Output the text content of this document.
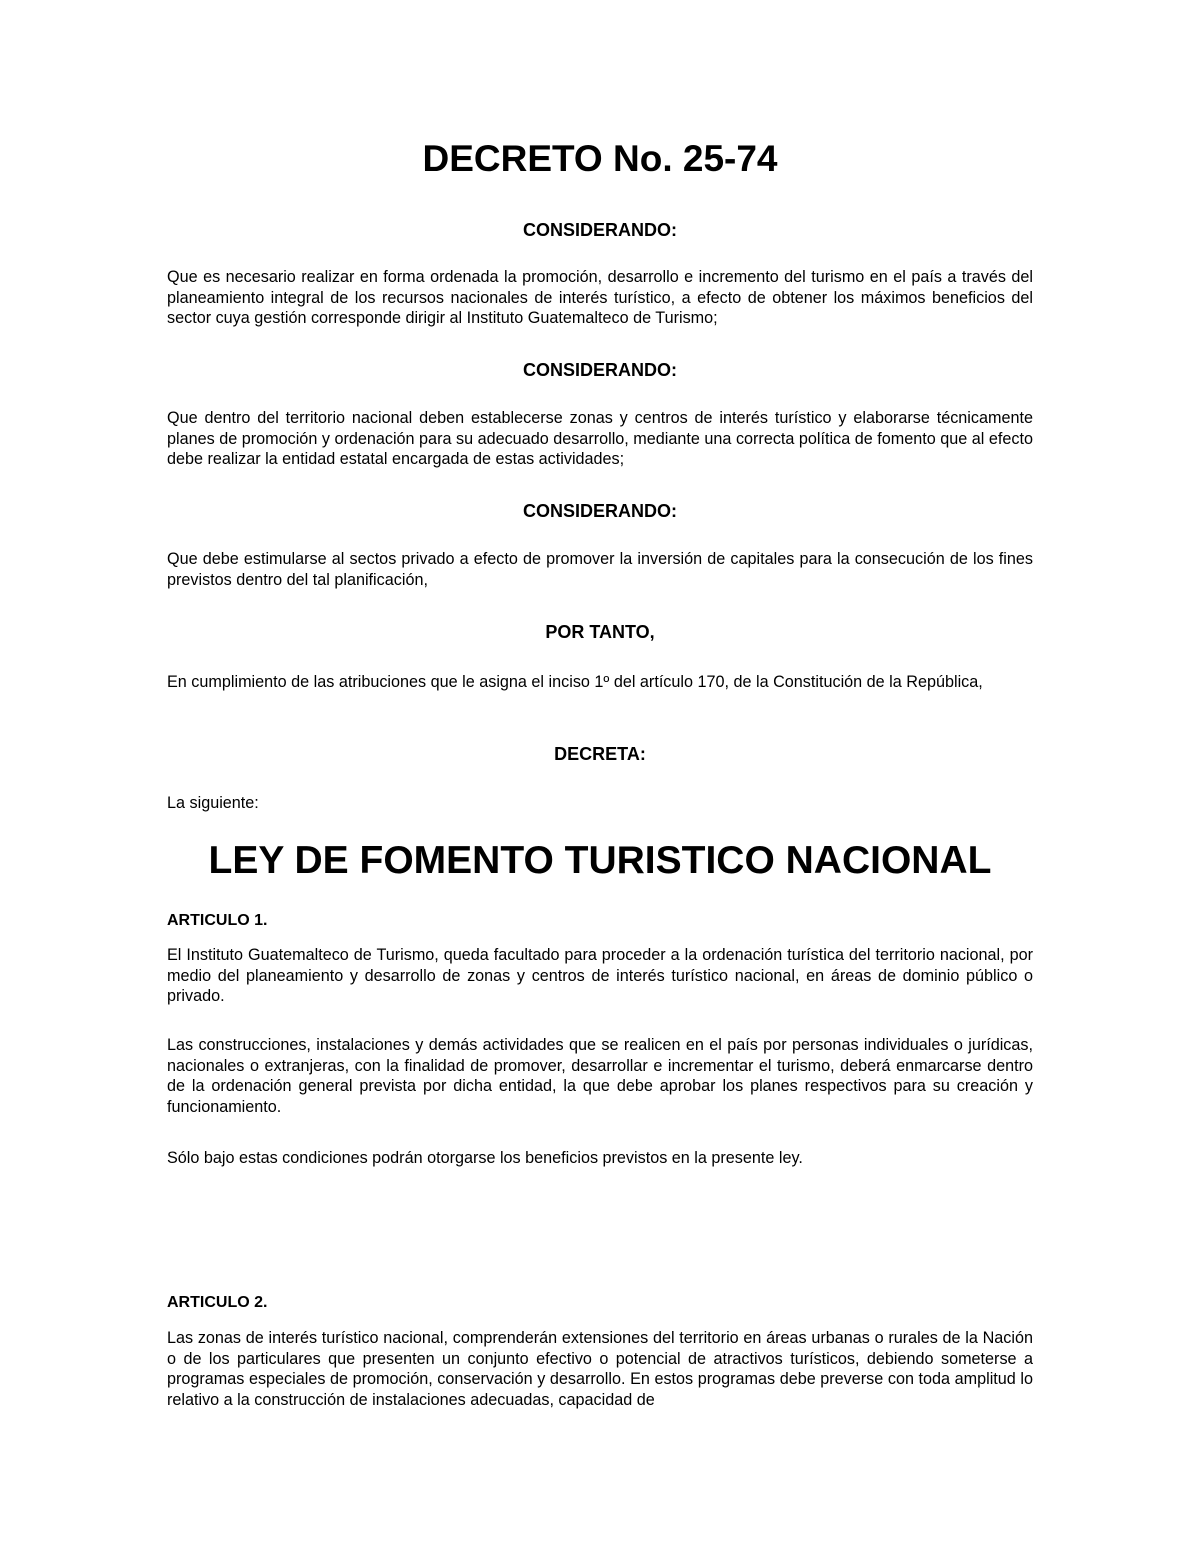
DECRETO No. 25-74
CONSIDERANDO:

Que es necesario realizar en forma ordenada la promoción, desarrollo e incremento del turismo en el país a través del planeamiento integral de los recursos nacionales de interés turístico, a efecto de obtener los máximos beneficios del sector cuya gestión corresponde dirigir al Instituto Guatemalteco de Turismo;

CONSIDERANDO:

Que dentro del territorio nacional deben establecerse zonas y centros de interés turístico y elaborarse técnicamente planes de promoción y ordenación para su adecuado desarrollo, mediante una correcta política de fomento que al efecto debe realizar la entidad estatal encargada de estas actividades;

CONSIDERANDO:

Que debe estimularse al sectos privado a efecto de promover la inversión de capitales para la consecución de los fines previstos dentro del tal planificación,

POR TANTO,

En cumplimiento de las atribuciones que le asigna el inciso 1º del artículo 170, de la Constitución de la República,

DECRETA:

La siguiente:

LEY DE FOMENTO TURISTICO NACIONAL
ARTICULO 1.

El Instituto Guatemalteco de Turismo, queda facultado para proceder a la ordenación turística del territorio nacional, por medio del planeamiento y desarrollo de zonas y centros de interés turístico nacional, en áreas de dominio público o privado.

Las construcciones, instalaciones y demás actividades que se realicen en el país por personas individuales o jurídicas, nacionales o extranjeras, con la finalidad de promover, desarrollar e incrementar el turismo, deberá enmarcarse dentro de la ordenación general prevista por dicha entidad, la que debe aprobar los planes respectivos para su creación y funcionamiento.

Sólo bajo estas condiciones podrán otorgarse los beneficios previstos en la presente ley.

ARTICULO 2.

Las zonas de interés turístico nacional, comprenderán extensiones del territorio en áreas urbanas o rurales de la Nación o de los particulares que presenten un conjunto efectivo o potencial de atractivos turísticos, debiendo someterse a programas especiales de promoción, conservación y desarrollo. En estos programas debe preverse con toda amplitud lo relativo a la construcción de instalaciones adecuadas, capacidad de
